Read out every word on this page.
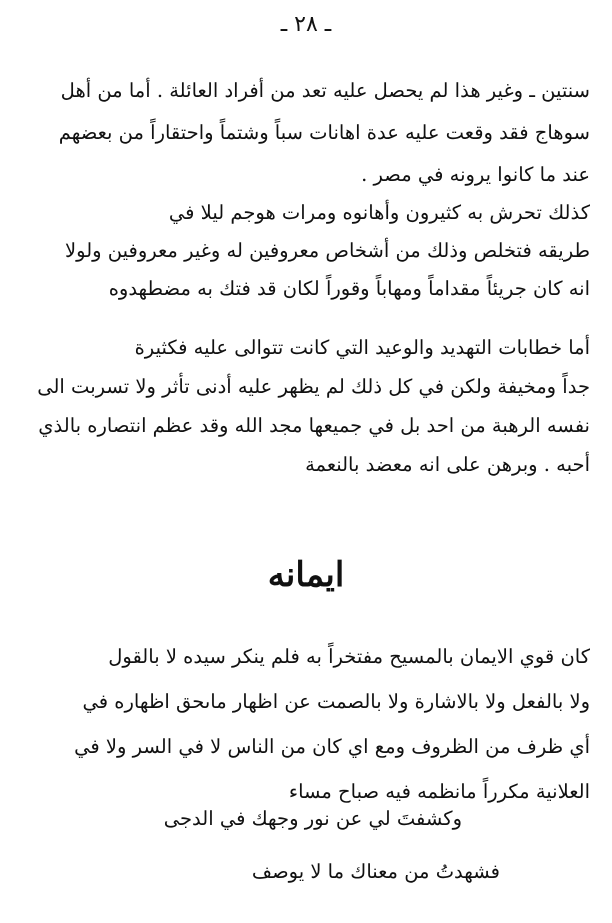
ـ ٢٨ ـ
سنتين ـ وغير هذا لم يحصل عليه تعد من أفراد العائلة . أما من أهل
سوهاج فقد وقعت عليه عدة اهانات سباً وشتماً واحتقاراً من بعضهم
عند ما كانوا يرونه في مصر .
كذلك تحرش به كثيرون وأهانوه ومرات هوجم ليلا في
طريقه فتخلص وذلك من أشخاص معروفين له وغير معروفين ولولا
انه كان جريئاً مقداماً ومهاباً وقوراً لكان قد فتك به مضطهدوه
أما خطابات التهديد والوعيد التي كانت تتوالى عليه فكثيرة
جداً ومخيفة ولكن في كل ذلك لم يظهر عليه أدنى تأثر ولا تسربت الى
نفسه الرهبة من احد بل في جميعها مجد الله وقد عظم انتصاره بالذي
أحبه . وبرهن على انه معضد بالنعمة
ايمانه
كان قوي الايمان بالمسيح مفتخراً به فلم ينكر سيده لا بالقول
ولا بالفعل ولا بالاشارة ولا بالصمت عن اظهار ماىحق اظهاره في
أي ظرف من الظروف ومع اي كان من الناس لا في السر ولا في
العلانية مكرراً مانظمه فيه صباح مساء
وكشفتَ لي عن نور وجهك في الدجى
فشهدتُ من معناك ما لا يوصف
